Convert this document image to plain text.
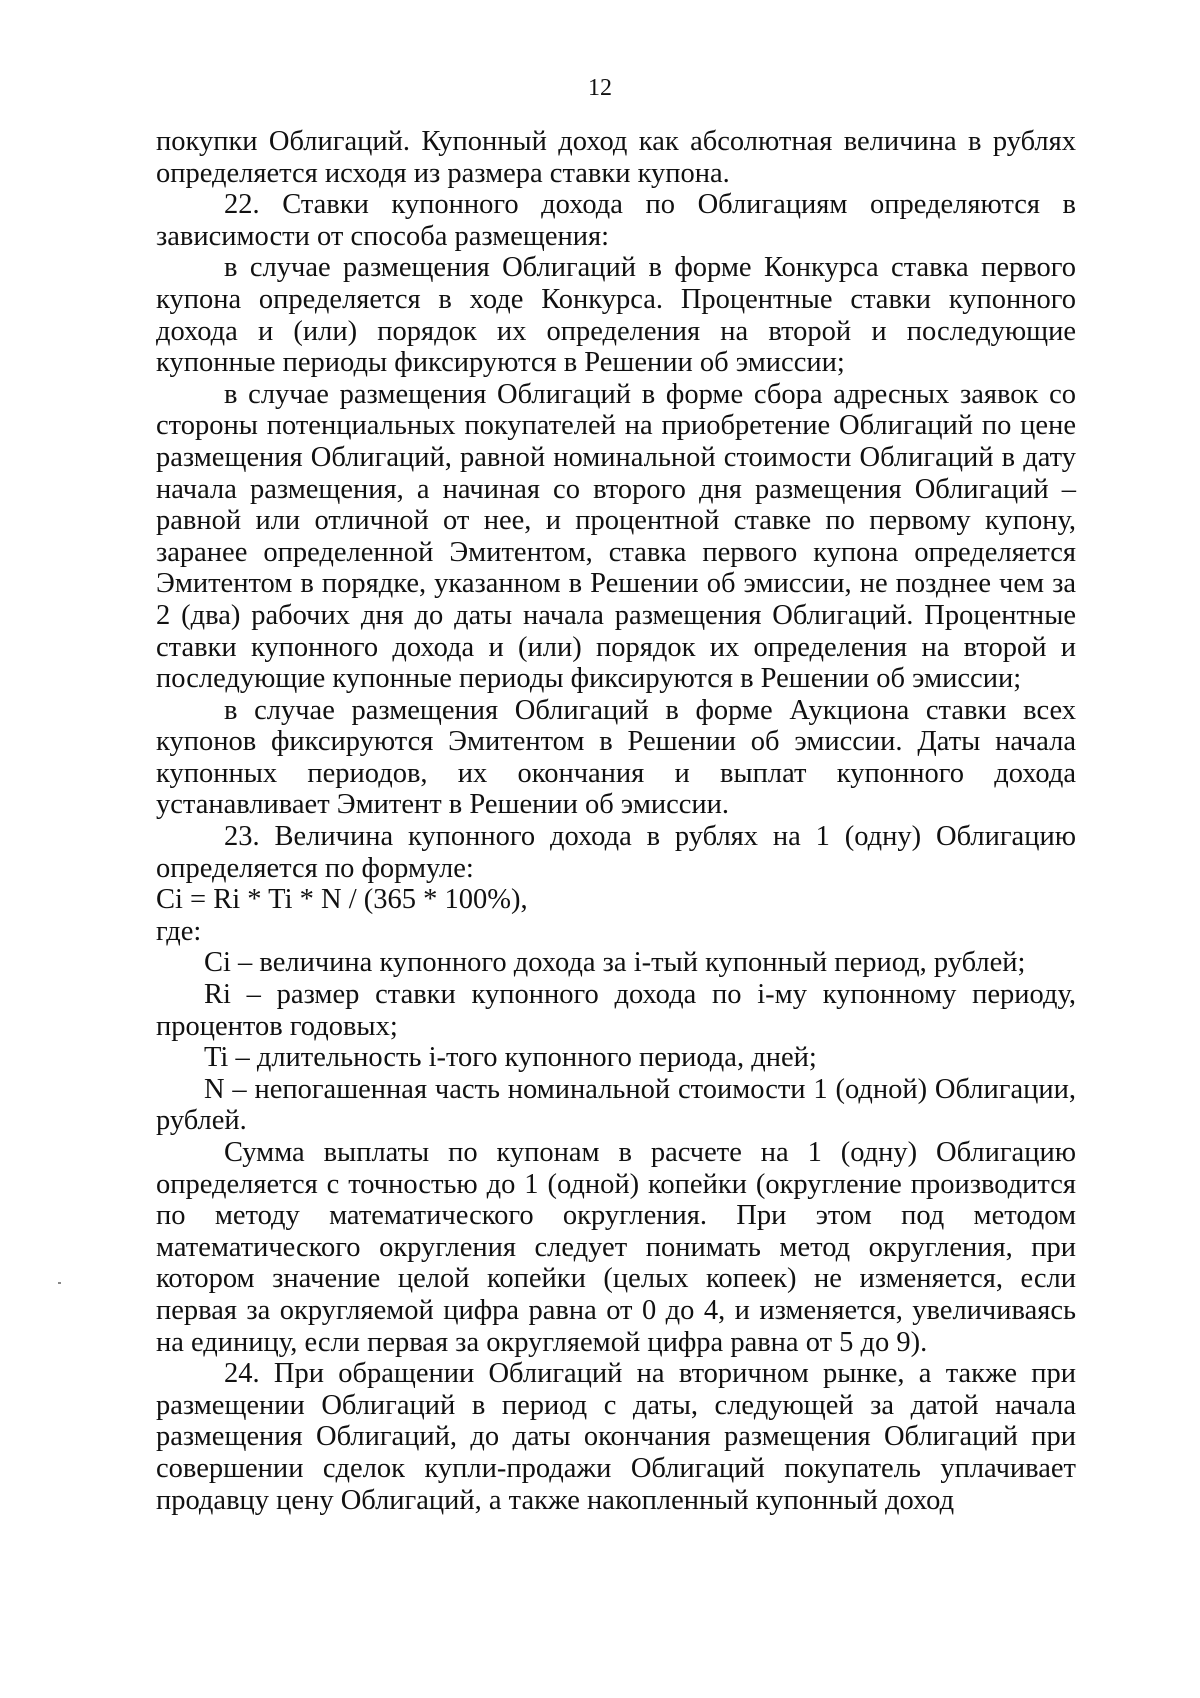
12

покупки Облигаций. Купонный доход как абсолютная величина в рублях определяется исходя из размера ставки купона.

22. Ставки купонного дохода по Облигациям определяются в зависимости от способа размещения:

в случае размещения Облигаций в форме Конкурса ставка первого купона определяется в ходе Конкурса. Процентные ставки купонного дохода и (или) порядок их определения на второй и последующие купонные периоды фиксируются в Решении об эмиссии;

в случае размещения Облигаций в форме сбора адресных заявок со стороны потенциальных покупателей на приобретение Облигаций по цене размещения Облигаций, равной номинальной стоимости Облигаций в дату начала размещения, а начиная со второго дня размещения Облигаций – равной или отличной от нее, и процентной ставке по первому купону, заранее определенной Эмитентом, ставка первого купона определяется Эмитентом в порядке, указанном в Решении об эмиссии, не позднее чем за 2 (два) рабочих дня до даты начала размещения Облигаций. Процентные ставки купонного дохода и (или) порядок их определения на второй и последующие купонные периоды фиксируются в Решении об эмиссии;

в случае размещения Облигаций в форме Аукциона ставки всех купонов фиксируются Эмитентом в Решении об эмиссии. Даты начала купонных периодов, их окончания и выплат купонного дохода устанавливает Эмитент в Решении об эмиссии.

23. Величина купонного дохода в рублях на 1 (одну) Облигацию определяется по формуле:

Ci = Ri * Ti * N / (365 * 100%),

где:

Ci – величина купонного дохода за i-тый купонный период, рублей;

Ri – размер ставки купонного дохода по i-му купонному периоду, процентов годовых;

Ti – длительность i-того купонного периода, дней;

N – непогашенная часть номинальной стоимости 1 (одной) Облигации, рублей.

Сумма выплаты по купонам в расчете на 1 (одну) Облигацию определяется с точностью до 1 (одной) копейки (округление производится по методу математического округления. При этом под методом математического округления следует понимать метод округления, при котором значение целой копейки (целых копеек) не изменяется, если первая за округляемой цифра равна от 0 до 4, и изменяется, увеличиваясь на единицу, если первая за округляемой цифра равна от 5 до 9).

24. При обращении Облигаций на вторичном рынке, а также при размещении Облигаций в период с даты, следующей за датой начала размещения Облигаций, до даты окончания размещения Облигаций при совершении сделок купли-продажи Облигаций покупатель уплачивает продавцу цену Облигаций, а также накопленный купонный доход
